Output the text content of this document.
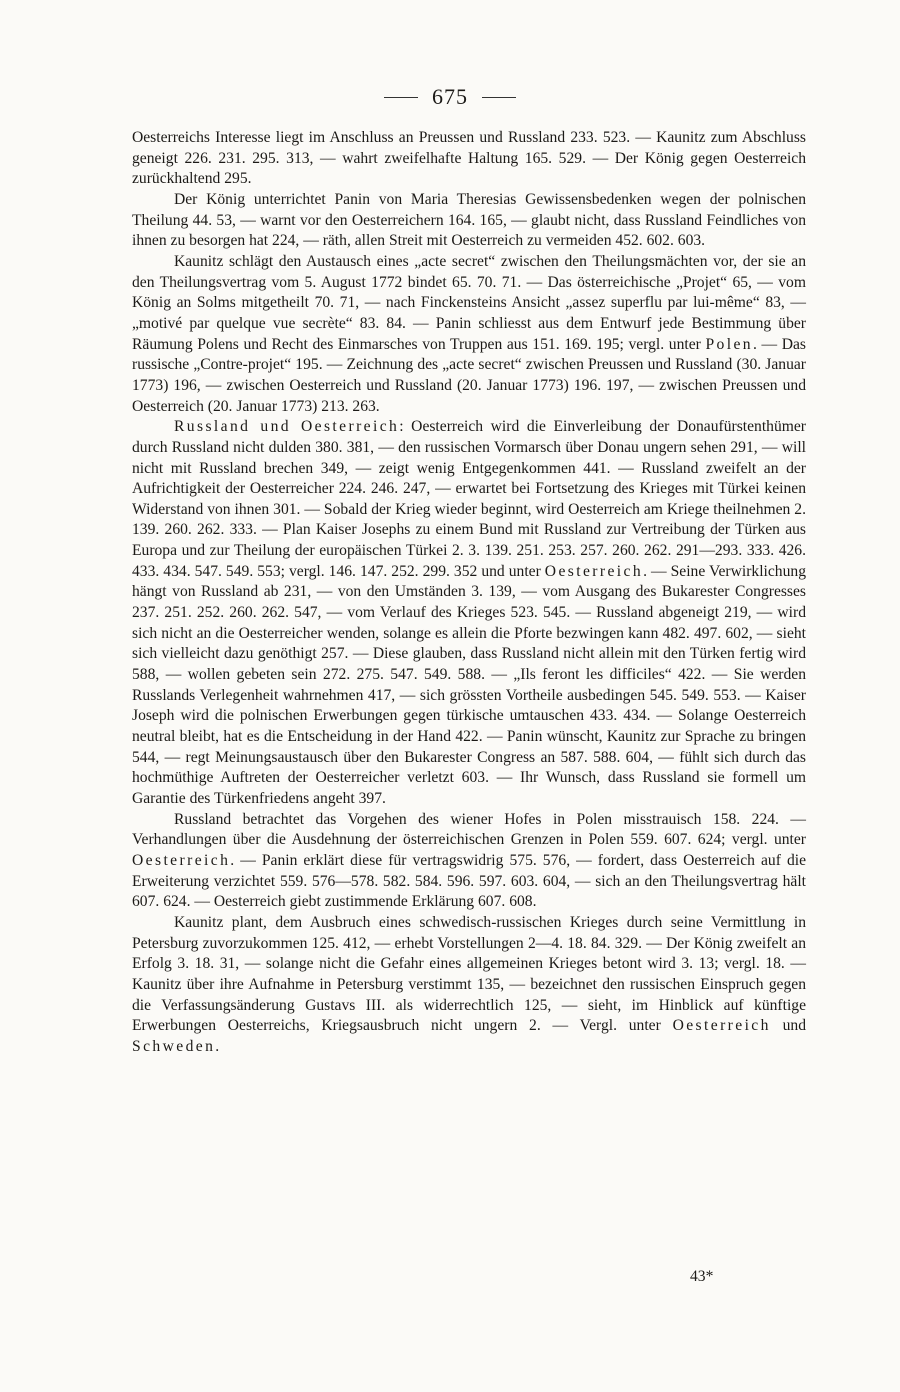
675

Oesterreichs Interesse liegt im Anschluss an Preussen und Russland 233. 523. — Kaunitz zum Abschluss geneigt 226. 231. 295. 313, — wahrt zweifelhafte Haltung 165. 529. — Der König gegen Oesterreich zurückhaltend 295.

Der König unterrichtet Panin von Maria Theresias Gewissensbedenken wegen der polnischen Theilung 44. 53, — warnt vor den Oesterreichern 164. 165, — glaubt nicht, dass Russland Feindliches von ihnen zu besorgen hat 224, — räth, allen Streit mit Oesterreich zu vermeiden 452. 602. 603.

Kaunitz schlägt den Austausch eines „acte secret“ zwischen den Theilungsmächten vor, der sie an den Theilungsvertrag vom 5. August 1772 bindet 65. 70. 71. — Das österreichische „Projet“ 65, — vom König an Solms mitgetheilt 70. 71, — nach Finckensteins Ansicht „assez superflu par lui-même“ 83, — „motivé par quelque vue secrète“ 83. 84. — Panin schliesst aus dem Entwurf jede Bestimmung über Räumung Polens und Recht des Einmarsches von Truppen aus 151. 169. 195; vergl. unter Polen. — Das russische „Contre-projet“ 195. — Zeichnung des „acte secret“ zwischen Preussen und Russland (30. Januar 1773) 196, — zwischen Oesterreich und Russland (20. Januar 1773) 196. 197, — zwischen Preussen und Oesterreich (20. Januar 1773) 213. 263.

Russland und Oesterreich: Oesterreich wird die Einverleibung der Donaufürstenthümer durch Russland nicht dulden 380. 381, — den russischen Vormarsch über Donau ungern sehen 291, — will nicht mit Russland brechen 349, — zeigt wenig Entgegenkommen 441. — Russland zweifelt an der Aufrichtigkeit der Oesterreicher 224. 246. 247, — erwartet bei Fortsetzung des Krieges mit Türkei keinen Widerstand von ihnen 301. — Sobald der Krieg wieder beginnt, wird Oesterreich am Kriege theilnehmen 2. 139. 260. 262. 333. — Plan Kaiser Josephs zu einem Bund mit Russland zur Vertreibung der Türken aus Europa und zur Theilung der europäischen Türkei 2. 3. 139. 251. 253. 257. 260. 262. 291—293. 333. 426. 433. 434. 547. 549. 553; vergl. 146. 147. 252. 299. 352 und unter Oesterreich. — Seine Verwirklichung hängt von Russland ab 231, — von den Umständen 3. 139, — vom Ausgang des Bukarester Congresses 237. 251. 252. 260. 262. 547, — vom Verlauf des Krieges 523. 545. — Russland abgeneigt 219, — wird sich nicht an die Oesterreicher wenden, solange es allein die Pforte bezwingen kann 482. 497. 602, — sieht sich vielleicht dazu genöthigt 257. — Diese glauben, dass Russland nicht allein mit den Türken fertig wird 588, — wollen gebeten sein 272. 275. 547. 549. 588. — „Ils feront les difficiles“ 422. — Sie werden Russlands Verlegenheit wahrnehmen 417, — sich grössten Vortheile ausbedingen 545. 549. 553. — Kaiser Joseph wird die polnischen Erwerbungen gegen türkische umtauschen 433. 434. — Solange Oesterreich neutral bleibt, hat es die Entscheidung in der Hand 422. — Panin wünscht, Kaunitz zur Sprache zu bringen 544, — regt Meinungsaustausch über den Bukarester Congress an 587. 588. 604, — fühlt sich durch das hochmüthige Auftreten der Oesterreicher verletzt 603. — Ihr Wunsch, dass Russland sie formell um Garantie des Türkenfriedens angeht 397.

Russland betrachtet das Vorgehen des wiener Hofes in Polen misstrauisch 158. 224. — Verhandlungen über die Ausdehnung der österreichischen Grenzen in Polen 559. 607. 624; vergl. unter Oesterreich. — Panin erklärt diese für vertragswidrig 575. 576, — fordert, dass Oesterreich auf die Erweiterung verzichtet 559. 576—578. 582. 584. 596. 597. 603. 604, — sich an den Theilungsvertrag hält 607. 624. — Oesterreich giebt zustimmende Erklärung 607. 608.

Kaunitz plant, dem Ausbruch eines schwedisch-russischen Krieges durch seine Vermittlung in Petersburg zuvorzukommen 125. 412, — erhebt Vorstellungen 2—4. 18. 84. 329. — Der König zweifelt an Erfolg 3. 18. 31, — solange nicht die Gefahr eines allgemeinen Krieges betont wird 3. 13; vergl. 18. — Kaunitz über ihre Aufnahme in Petersburg verstimmt 135, — bezeichnet den russischen Einspruch gegen die Verfassungsänderung Gustavs III. als widerrechtlich 125, — sieht, im Hinblick auf künftige Erwerbungen Oesterreichs, Kriegsausbruch nicht ungern 2. — Vergl. unter Oesterreich und Schweden.

43*
